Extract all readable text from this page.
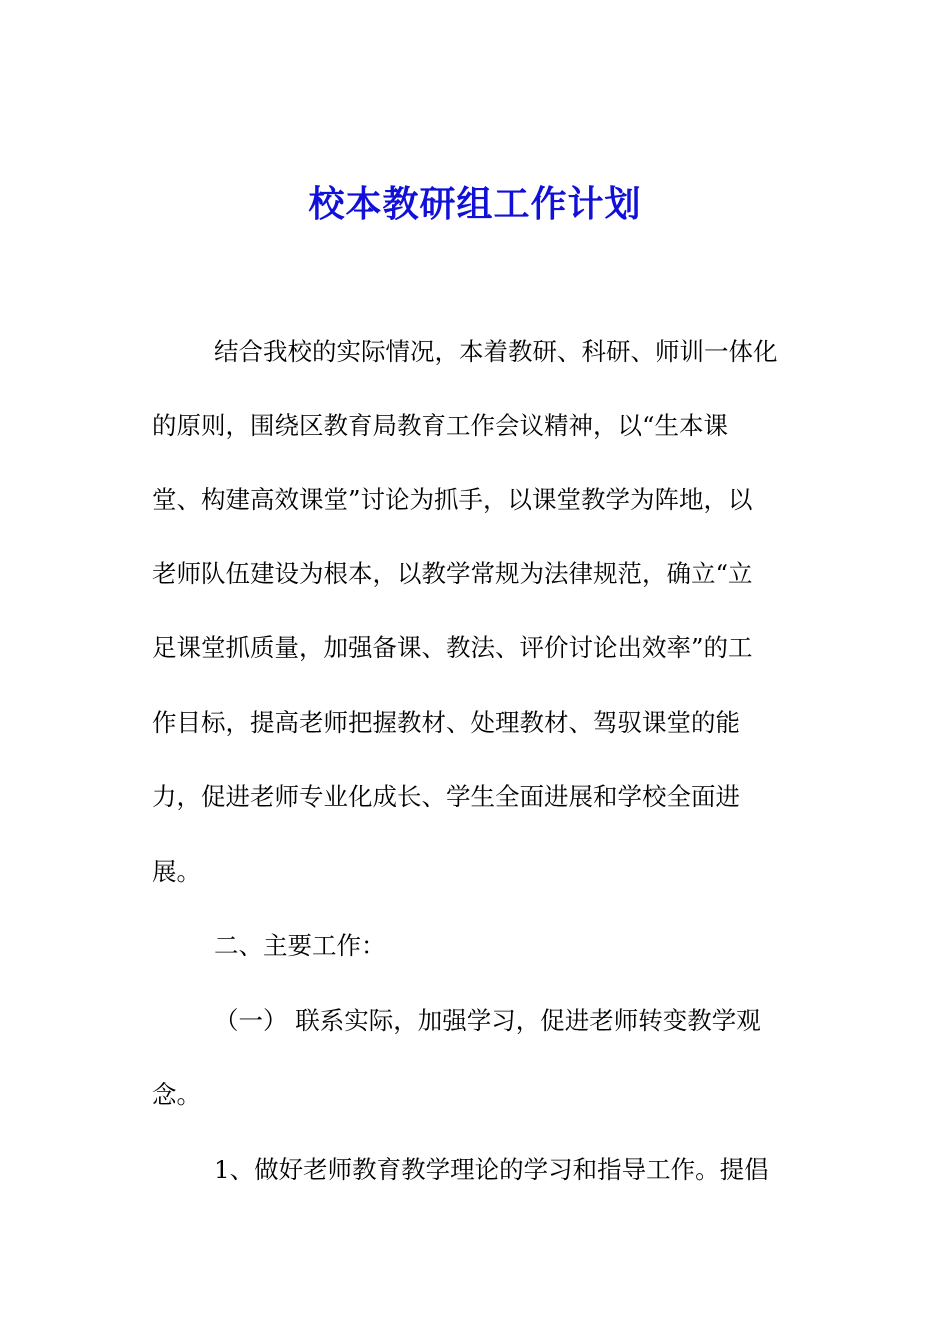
校本教研组工作计划
结合我校的实际情况，本着教研、科研、师训一体化
的原则，围绕区教育局教育工作会议精神，以“生本课
堂、构建高效课堂”讨论为抓手，以课堂教学为阵地，以
老师队伍建设为根本，以教学常规为法律规范，确立“立
足课堂抓质量，加强备课、教法、评价讨论出效率”的工
作目标，提高老师把握教材、处理教材、驾驭课堂的能
力，促进老师专业化成长、学生全面进展和学校全面进
展。
二、主要工作：
（一） 联系实际，加强学习，促进老师转变教学观
念。
1、做好老师教育教学理论的学习和指导工作。提倡
